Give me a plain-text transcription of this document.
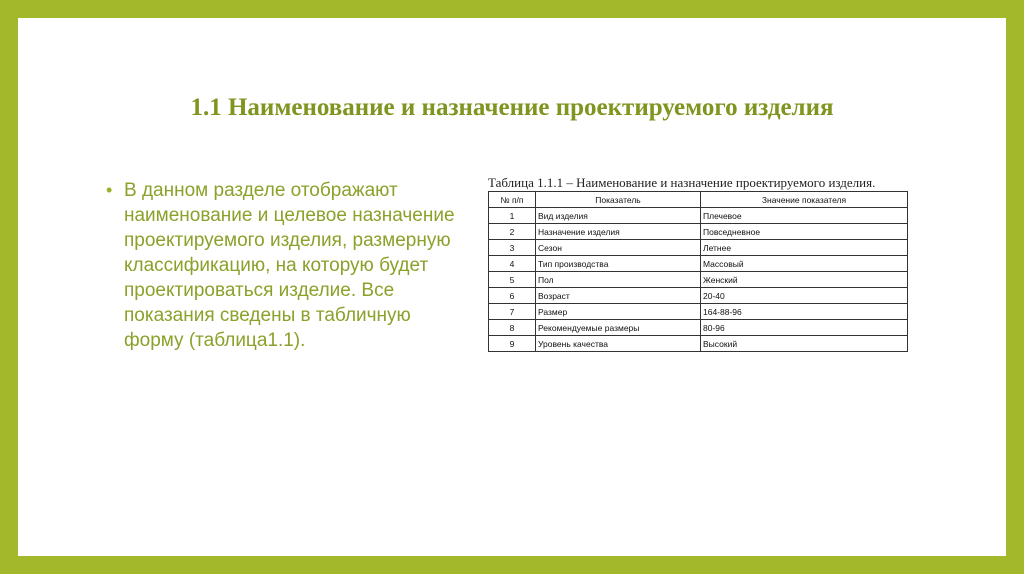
1.1 Наименование и назначение проектируемого изделия
• В данном разделе отображают наименование и целевое назначение проектируемого изделия, размерную классификацию, на которую будет проектироваться изделие. Все показания сведены в табличную форму (таблица1.1).

Таблица 1.1.1 – Наименование и назначение проектируемого изделия.

№ п/п	Показатель	Значение показателя
1	Вид изделия	Плечевое
2	Назначение изделия	Повседневное
3	Сезон	Летнее
4	Тип производства	Массовый
5	Пол	Женский
6	Возраст	20-40
7	Размер	164-88-96
8	Рекомендуемые размеры	80-96
9	Уровень качества	Высокий
